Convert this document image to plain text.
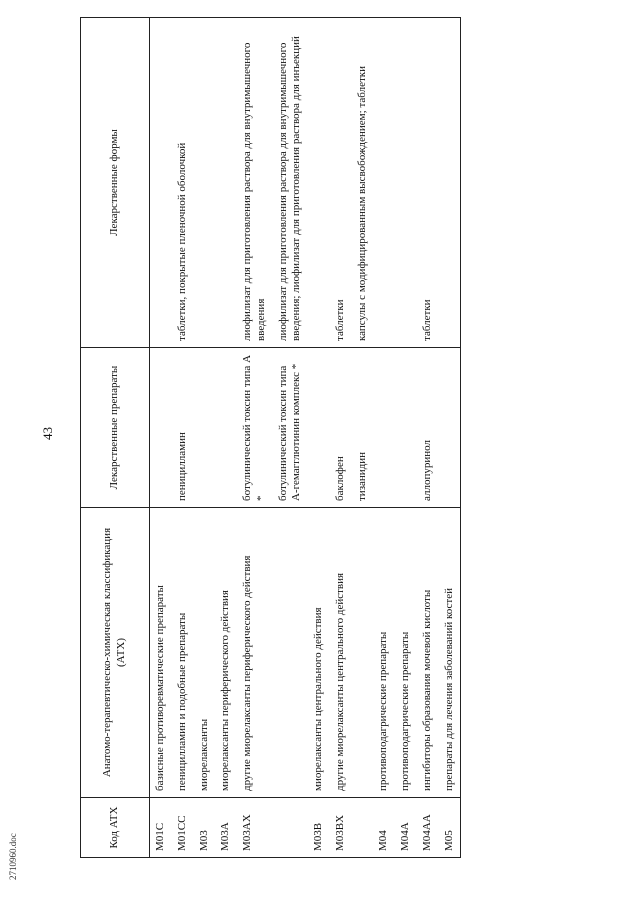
43
2710960.doc
Код АТХ	Анатомо-терапевтическо-химическая классификация (АТХ)	Лекарственные препараты	Лекарственные формы
M01C	базисные противоревматические препараты		
M01CC	пеницилламин и подобные препараты	пеницилламин	таблетки, покрытые пленочной оболочкой
M03	миорелаксанты		
M03A	миорелаксанты периферического действия		
M03AX	другие миорелаксанты периферического действия	ботулинический токсин типа А *	лиофилизат для приготовления раствора для внутримышечного введения
		ботулинический токсин типа А-гемагглютинин комплекс *	лиофилизат для приготовления раствора для внутримышечного введения; лиофилизат для приготовления раствора для инъекций
M03B	миорелаксанты центрального действия		
M03BX	другие миорелаксанты центрального действия	баклофен	таблетки
		тизанидин	капсулы с модифицированным высвобождением; таблетки
M04	противоподагрические препараты		
M04A	противоподагрические препараты		
M04AA	ингибиторы образования мочевой кислоты	аллопуринол	таблетки
M05	препараты для лечения заболеваний костей		
